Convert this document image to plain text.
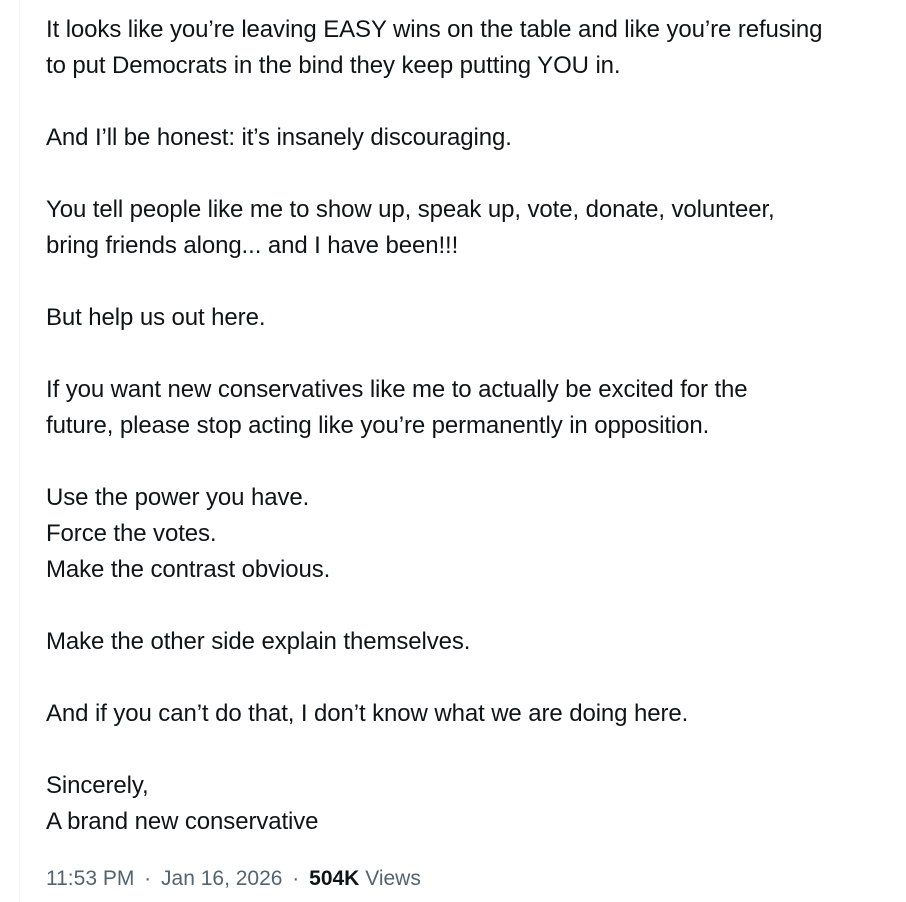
It looks like you’re leaving EASY wins on the table and like you’re refusing
to put Democrats in the bind they keep putting YOU in.

And I’ll be honest: it’s insanely discouraging.

You tell people like me to show up, speak up, vote, donate, volunteer,
bring friends along... and I have been!!!

But help us out here.

If you want new conservatives like me to actually be excited for the
future, please stop acting like you’re permanently in opposition.

Use the power you have.
Force the votes.
Make the contrast obvious.

Make the other side explain themselves.

And if you can’t do that, I don’t know what we are doing here.

Sincerely,
A brand new conservative

11:53 PM · Jan 16, 2026 · 504K Views
